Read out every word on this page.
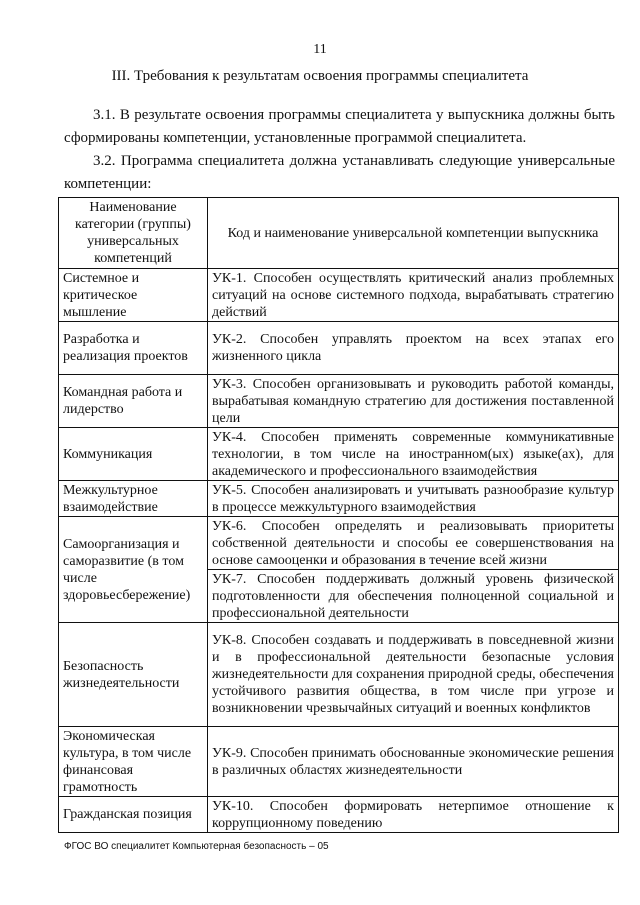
11
III. Требования к результатам освоения программы специалитета
3.1. В результате освоения программы специалитета у выпускника должны быть сформированы компетенции, установленные программой специалитета.
3.2. Программа специалитета должна устанавливать следующие универсальные компетенции:
Наименование категории (группы) универсальных компетенций	Код и наименование универсальной компетенции выпускника
Системное и критическое мышление	УК-1. Способен осуществлять критический анализ проблемных ситуаций на основе системного подхода, вырабатывать стратегию действий
Разработка и реализация проектов	УК-2. Способен управлять проектом на всех этапах его жизненного цикла
Командная работа и лидерство	УК-3. Способен организовывать и руководить работой команды, вырабатывая командную стратегию для достижения поставленной цели
Коммуникация	УК-4. Способен применять современные коммуникативные технологии, в том числе на иностранном(ых) языке(ах), для академического и профессионального взаимодействия
Межкультурное взаимодействие	УК-5. Способен анализировать и учитывать разнообразие культур в процессе межкультурного взаимодействия
Самоорганизация и саморазвитие (в том числе здоровьесбережение)	УК-6. Способен определять и реализовывать приоритеты собственной деятельности и способы ее совершенствования на основе самооценки и образования в течение всей жизни
	УК-7. Способен поддерживать должный уровень физической подготовленности для обеспечения полноценной социальной и профессиональной деятельности
Безопасность жизнедеятельности	УК-8. Способен создавать и поддерживать в повседневной жизни и в профессиональной деятельности безопасные условия жизнедеятельности для сохранения природной среды, обеспечения устойчивого развития общества, в том числе при угрозе и возникновении чрезвычайных ситуаций и военных конфликтов
Экономическая культура, в том числе финансовая грамотность	УК-9. Способен принимать обоснованные экономические решения в различных областях жизнедеятельности
Гражданская позиция	УК-10. Способен формировать нетерпимое отношение к коррупционному поведению
ФГОС ВО специалитет Компьютерная безопасность – 05
